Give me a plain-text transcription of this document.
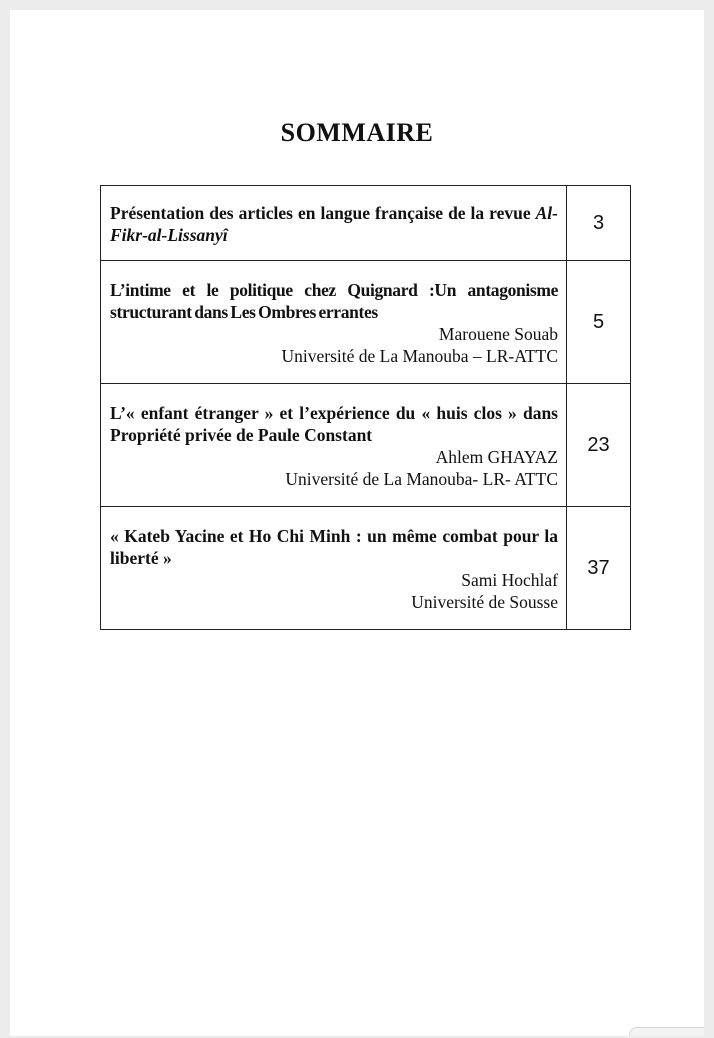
SOMMAIRE
Présentation des articles en langue française de la revue Al-Fikr-al-Lissanyî	3

L’intime et le politique chez Quignard :Un antagonisme structurant dans Les Ombres errantes
Marouene Souab
Université de La Manouba – LR-ATTC	5

L’« enfant étranger » et l’expérience du « huis clos » dans Propriété privée de Paule Constant
Ahlem GHAYAZ
Université de La Manouba- LR- ATTC	23

« Kateb Yacine et Ho Chi Minh : un même combat pour la liberté »
Sami Hochlaf
Université de Sousse	37
